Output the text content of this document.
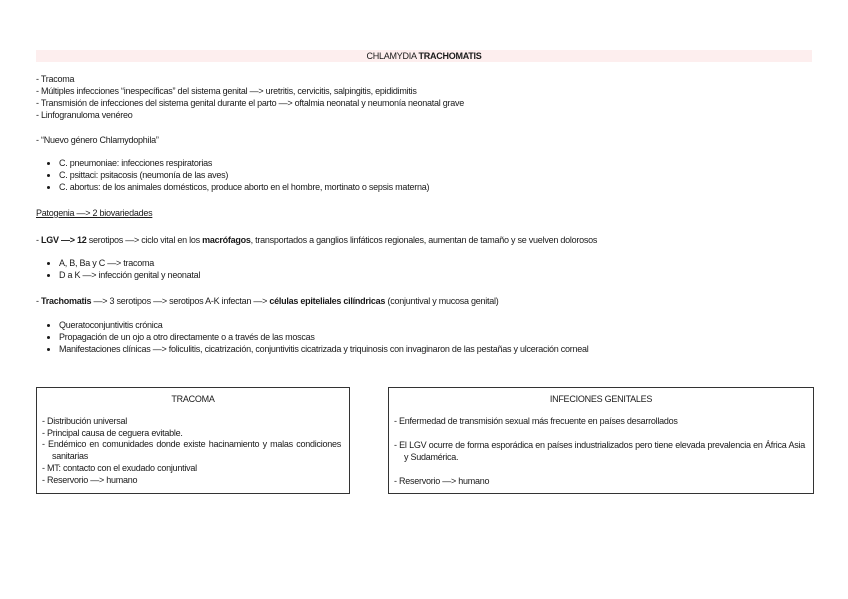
CHLAMYDIA TRACHOMATIS
- Tracoma
- Múltiples infecciones “inespecíficas” del sistema genital —> uretritis, cervicitis, salpingitis, epididimitis
- Transmisión de infecciones del sistema genital durante el parto —> oftalmia neonatal y neumonía neonatal grave
- Linfogranuloma venéreo
- “Nuevo género Chlamydophila”
C. pneumoniae: infecciones respiratorias
C. psittaci: psitacosis (neumonía de las aves)
C. abortus: de los animales domésticos, produce aborto en el hombre, mortinato o sepsis materna)
Patogenia —> 2 biovariedades
- LGV —> 12 serotipos —> ciclo vital en los macrófagos, transportados a ganglios linfáticos regionales, aumentan de tamaño y se vuelven dolorosos
A, B, Ba y C —> tracoma
D a K —> infección genital y neonatal
- Trachomatis —> 3 serotipos —> serotipos A-K infectan —> células epiteliales cilíndricas (conjuntival y mucosa genital)
Queratoconjuntivitis crónica
Propagación de un ojo a otro directamente o a través de las moscas
Manifestaciones clínicas —> foliculitis, cicatrización, conjuntivitis cicatrizada y triquinosis con invaginaron de las pestañas y ulceración corneal
TRACOMA
- Distribución universal
- Principal causa de ceguera evitable.
- Endémico en comunidades donde existe hacinamiento y malas condiciones sanitarias
- MT: contacto con el exudado conjuntival
- Reservorio —> humano
INFECIONES GENITALES
- Enfermedad de transmisión sexual más frecuente en países desarrollados
- El LGV ocurre de forma esporádica en países industrializados pero tiene elevada prevalencia en África Asia y Sudamérica.
- Reservorio —> humano
